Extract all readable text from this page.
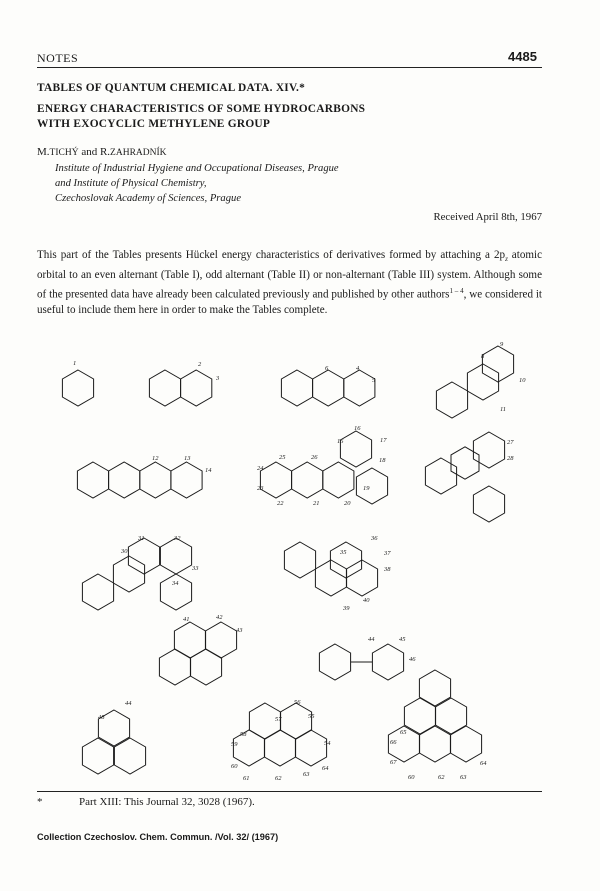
NOTES	4485
TABLES OF QUANTUM CHEMICAL DATA. XIV.*
ENERGY CHARACTERISTICS OF SOME HYDROCARBONS
WITH EXOCYCLIC METHYLENE GROUP
M.TICHÝ and R.ZAHRADNÍK
Institute of Industrial Hygiene and Occupational Diseases, Prague
and Institute of Physical Chemistry,
Czechoslovak Academy of Sciences, Prague
Received April 8th, 1967
This part of the Tables presents Hückel energy characteristics of derivatives formed by attaching a $2p_z$ atomic orbital to an even alternant (Table I), odd alternant (Table II) or non-alternant (Table III) system. Although some of the presented data have already been calculated previously and published by other authors$^{1 - 4}$, we considered it useful to include them here in order to make the Tables complete.
1	2
3
6	4
5
8
9
10
11
12	13
14
15
16
17
18
19
20
21
22
23
24
25	26
27
28
30
31	32
33
34
35
36
37
38
39
40
41	42
43
44	45
46
48
44	56
57	55
58
59
60
61	62
63
64
54	66
67
65
60	62 63
64
*	Part XIII: This Journal 32, 3028 (1967).
Collection Czechoslov. Chem. Commun. /Vol. 32/ (1967)
